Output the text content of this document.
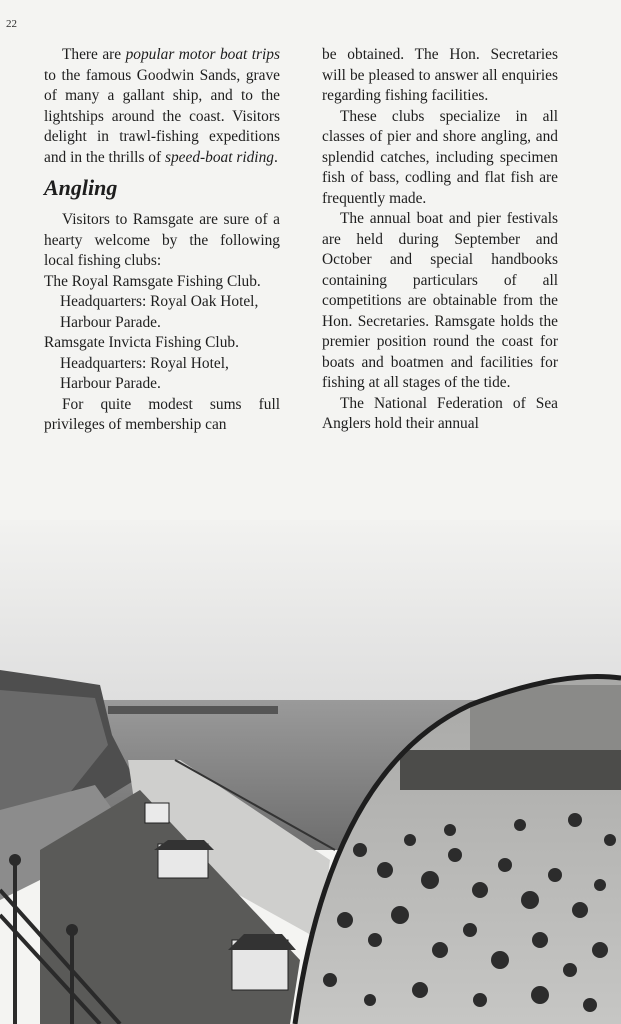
22

There are popular motor boat trips to the famous Goodwin Sands, grave of many a gallant ship, and to the lightships around the coast. Visitors delight in trawl-fishing expeditions and in the thrills of speed-boat riding.

Angling

Visitors to Ramsgate are sure of a hearty welcome by the following local fishing clubs:

The Royal Ramsgate Fishing Club. Headquarters: Royal Oak Hotel, Harbour Parade.

Ramsgate Invicta Fishing Club. Headquarters: Royal Hotel, Harbour Parade.

For quite modest sums full privileges of membership can

be obtained. The Hon. Secretaries will be pleased to answer all enquiries regarding fishing facilities.

These clubs specialize in all classes of pier and shore angling, and splendid catches, including specimen fish of bass, codling and flat fish are frequently made.

The annual boat and pier festivals are held during September and October and special handbooks containing particulars of all competitions are obtainable from the Hon. Secretaries. Ramsgate holds the premier position round the coast for boats and boatmen and facilities for fishing at all stages of the tide.

The National Federation of Sea Anglers hold their annual
